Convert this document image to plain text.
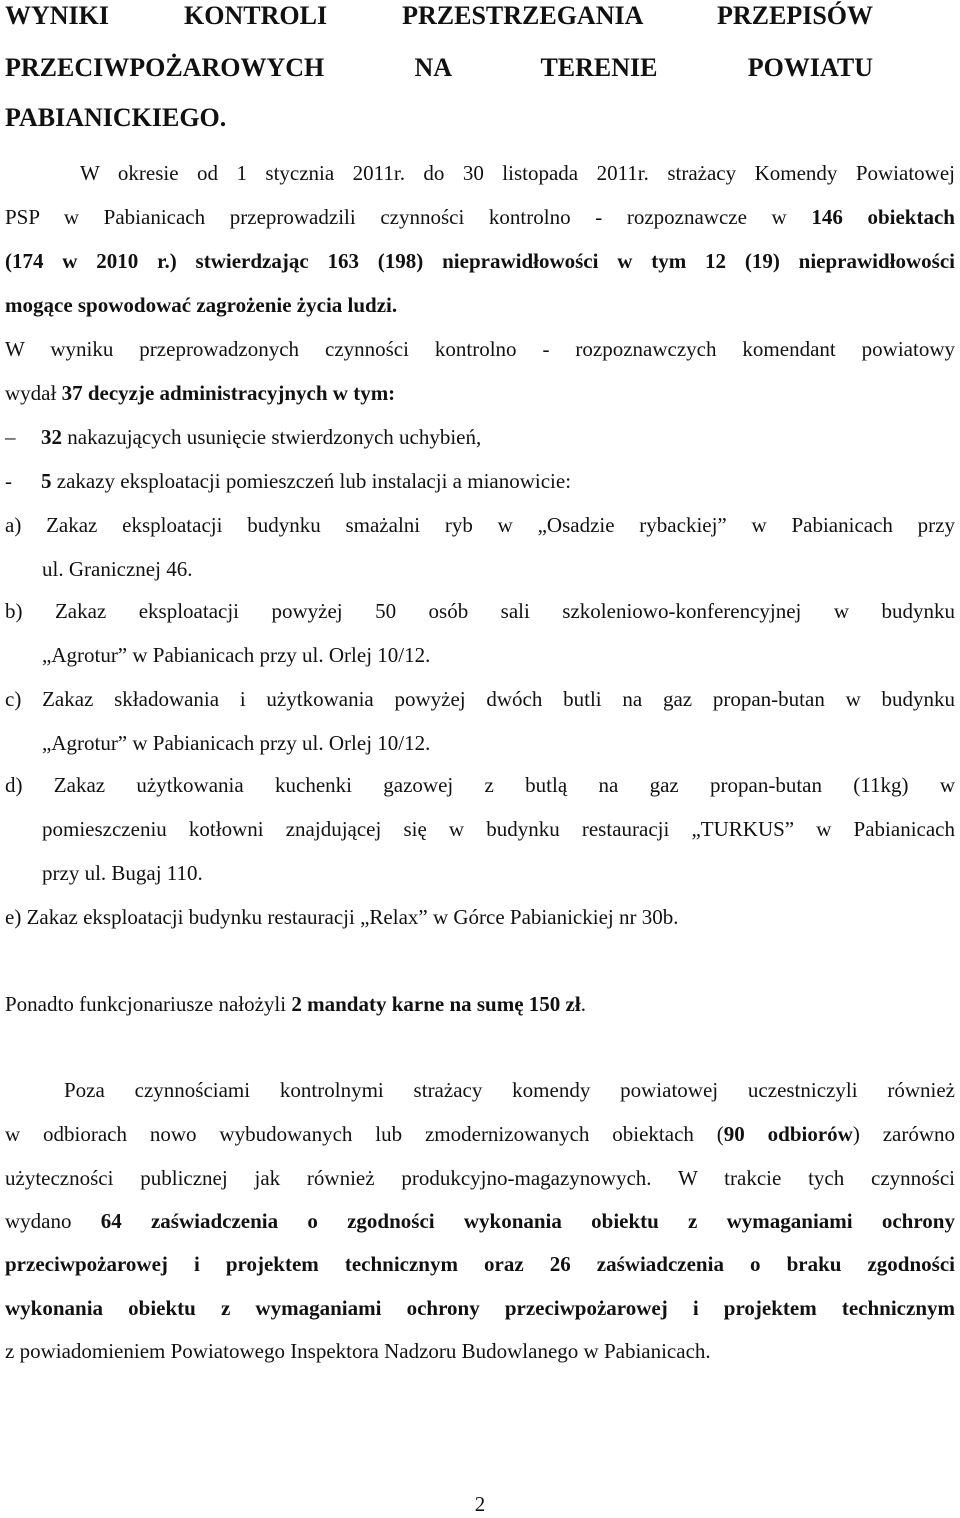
WYNIKI KONTROLI PRZESTRZEGANIA PRZEPISÓW
PRZECIWPOŻAROWYCH NA TERENIE POWIATU
PABIANICKIEGO.
W okresie od 1 stycznia 2011r. do 30 listopada 2011r. strażacy Komendy Powiatowej
PSP w Pabianicach przeprowadzili czynności kontrolno - rozpoznawcze w 146 obiektach
(174 w 2010 r.) stwierdzając 163 (198) nieprawidłowości w tym 12 (19) nieprawidłowości
mogące spowodować zagrożenie życia ludzi.
W wyniku przeprowadzonych czynności kontrolno - rozpoznawczych komendant powiatowy
wydał 37 decyzje administracyjnych w tym:
– 32 nakazujących usunięcie stwierdzonych uchybień,
- 5 zakazy eksploatacji pomieszczeń lub instalacji a mianowicie:
a) Zakaz eksploatacji budynku smażalni ryb w „Osadzie rybackiej” w Pabianicach przy
ul. Granicznej 46.
b) Zakaz eksploatacji powyżej 50 osób sali szkoleniowo-konferencyjnej w budynku
„Agrotur” w Pabianicach przy ul. Orlej 10/12.
c) Zakaz składowania i użytkowania powyżej dwóch butli na gaz propan-butan w budynku
„Agrotur” w Pabianicach przy ul. Orlej 10/12.
d) Zakaz użytkowania kuchenki gazowej z butlą na gaz propan-butan (11kg) w
pomieszczeniu kotłowni znajdującej się w budynku restauracji „TURKUS” w Pabianicach
przy ul. Bugaj 110.
e) Zakaz eksploatacji budynku restauracji „Relax” w Górce Pabianickiej nr 30b.
Ponadto funkcjonariusze nałożyli 2 mandaty karne na sumę 150 zł.
Poza czynnościami kontrolnymi strażacy komendy powiatowej uczestniczyli również
w odbiorach nowo wybudowanych lub zmodernizowanych obiektach (90 odbiorów) zarówno
użyteczności publicznej jak również produkcyjno-magazynowych. W trakcie tych czynności
wydano 64 zaświadczenia o zgodności wykonania obiektu z wymaganiami ochrony
przeciwpożarowej i projektem technicznym oraz 26 zaświadczenia o braku zgodności
wykonania obiektu z wymaganiami ochrony przeciwpożarowej i projektem technicznym
z powiadomieniem Powiatowego Inspektora Nadzoru Budowlanego w Pabianicach.
2
